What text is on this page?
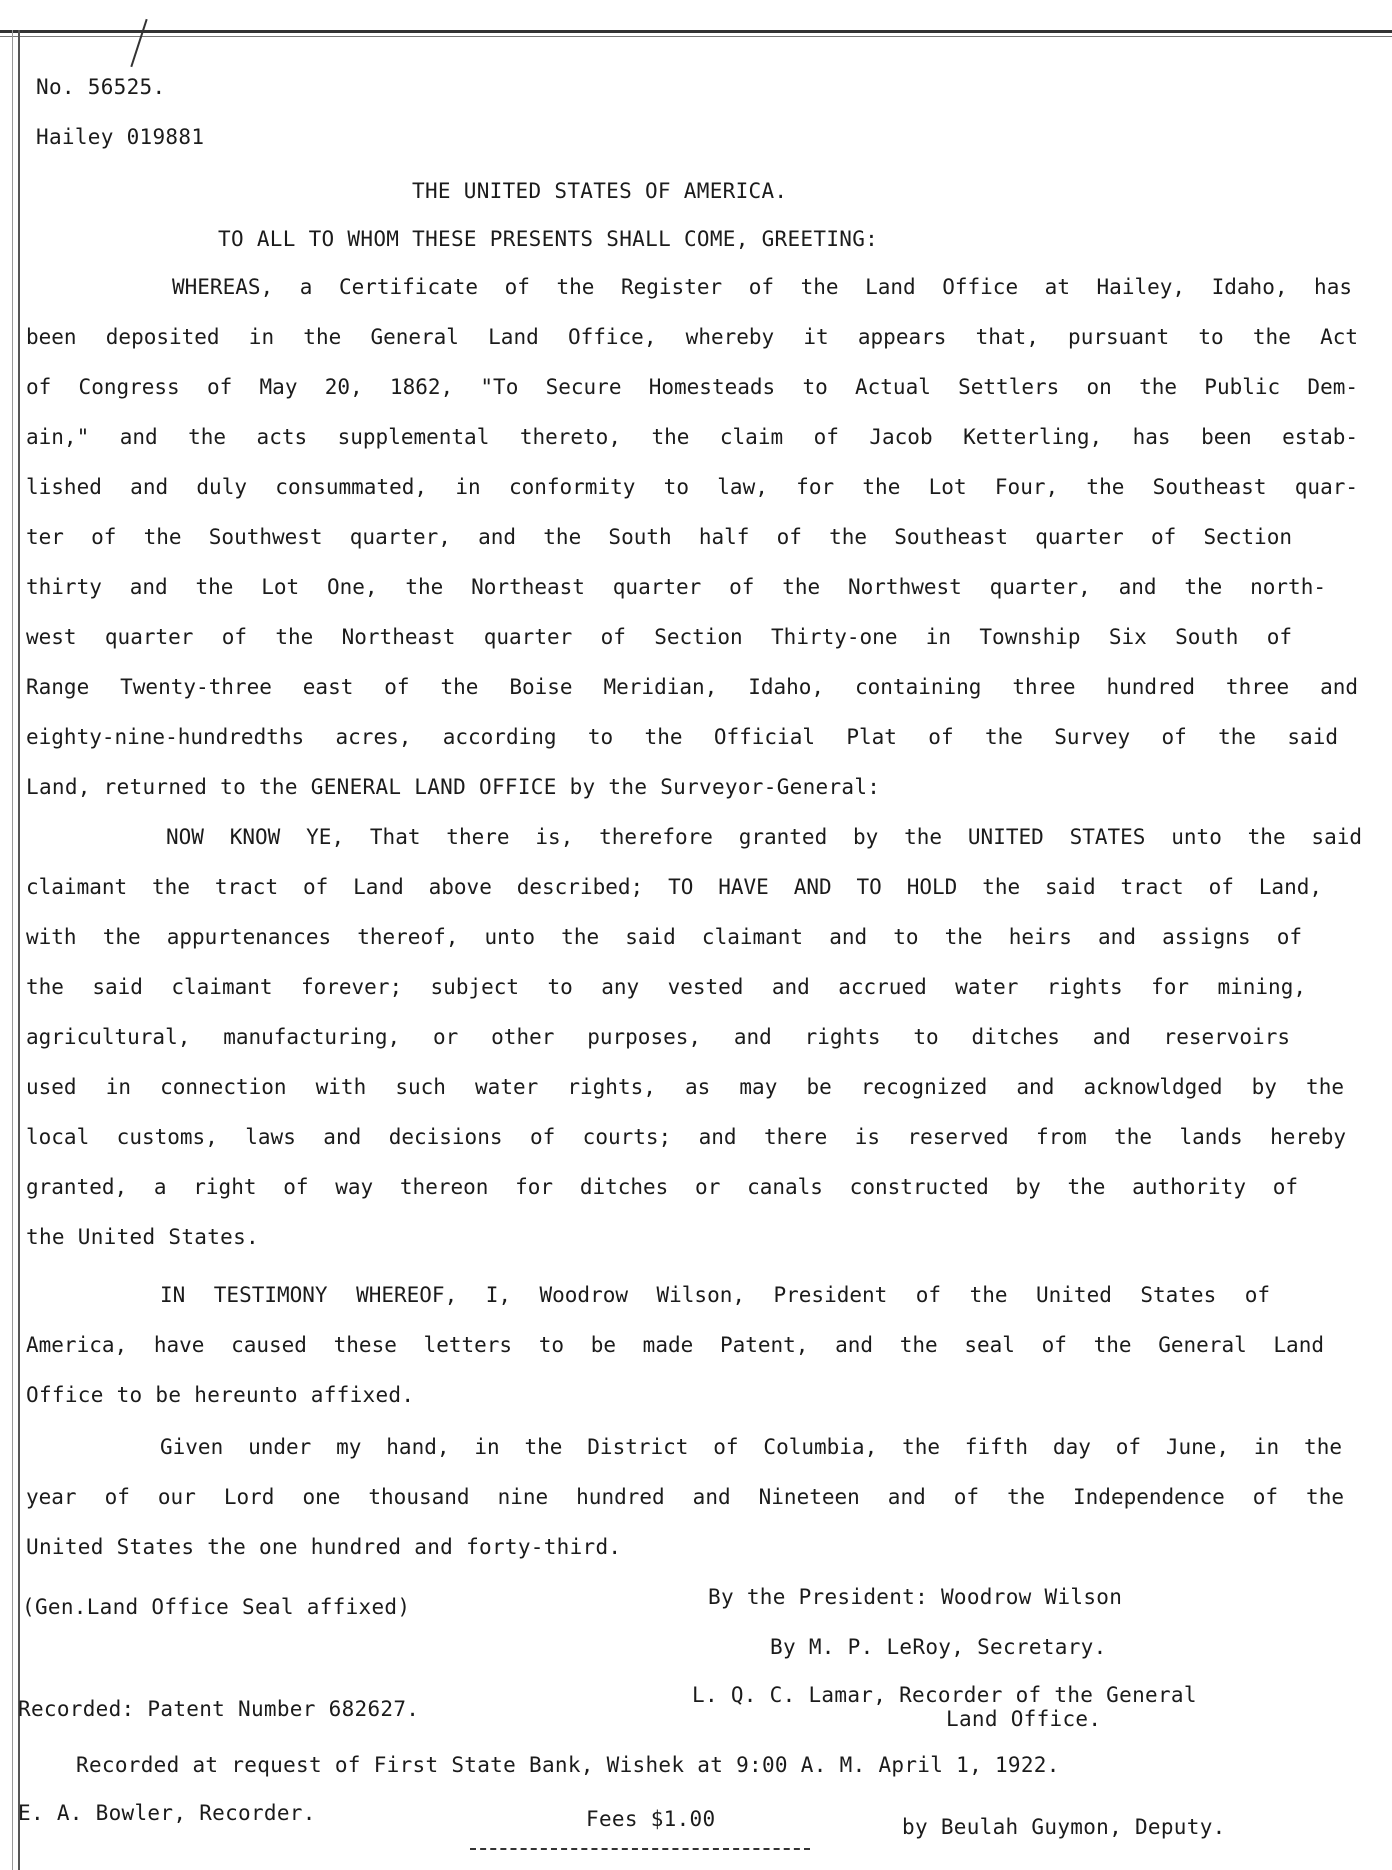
No. 56525.
Hailey 019881
THE UNITED STATES OF AMERICA.
TO ALL TO WHOM THESE PRESENTS SHALL COME, GREETING:
WHEREAS, a Certificate of the Register of the Land Office at Hailey, Idaho, has
been deposited in the General Land Office, whereby it appears that, pursuant to the Act
of Congress of May 20, 1862, "To Secure Homesteads to Actual Settlers on the Public Dem-
ain," and the acts supplemental thereto, the claim of Jacob Ketterling, has been estab-
lished and duly consummated, in conformity to law, for the Lot Four, the Southeast quar-
ter of the Southwest quarter, and the South half of the Southeast quarter of Section
thirty and the Lot One, the Northeast quarter of the Northwest quarter, and the north-
west quarter of the Northeast quarter of Section Thirty-one in Township Six South of
Range Twenty-three east of the Boise Meridian, Idaho, containing three hundred three and
eighty-nine-hundredths acres, according to the Official Plat of the Survey of the said
Land, returned to the GENERAL LAND OFFICE by the Surveyor-General:
NOW KNOW YE, That there is, therefore granted by the UNITED STATES unto the said
claimant the tract of Land above described; TO HAVE AND TO HOLD the said tract of Land,
with the appurtenances thereof, unto the said claimant and to the heirs and assigns of
the said claimant forever; subject to any vested and accrued water rights for mining,
agricultural, manufacturing, or other purposes, and rights to ditches and reservoirs
used in connection with such water rights, as may be recognized and acknowldged by the
local customs, laws and decisions of courts; and there is reserved from the lands hereby
granted, a right of way thereon for ditches or canals constructed by the authority of
the United States.
IN TESTIMONY WHEREOF, I, Woodrow Wilson, President of the United States of
America, have caused these letters to be made Patent, and the seal of the General Land
Office to be hereunto affixed.
Given under my hand, in the District of Columbia, the fifth day of June, in the
year of our Lord one thousand nine hundred and Nineteen and of the Independence of the
United States the one hundred and forty-third.
(Gen.Land Office Seal affixed)	By the President: Woodrow Wilson
By M. P. LeRoy, Secretary.
L. Q. C. Lamar, Recorder of the General
Land Office.
Recorded: Patent Number 682627.
Recorded at request of First State Bank, Wishek at 9:00 A. M. April 1, 1922.
E. A. Bowler, Recorder.	Fees $1.00	by Beulah Guymon, Deputy.
